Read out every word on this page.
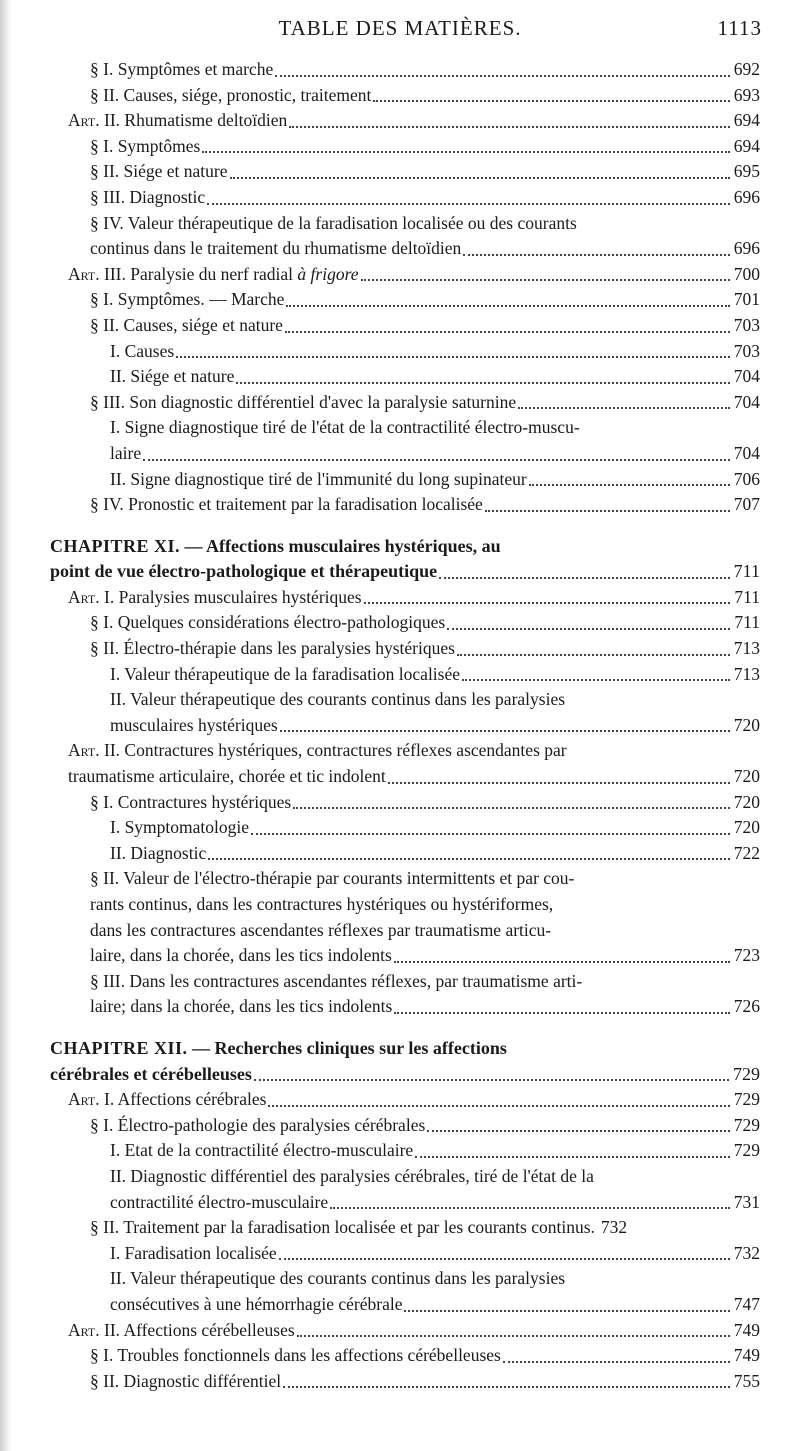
TABLE DES MATIÈRES.	1113
§ I. Symptômes et marche	692
§ II. Causes, siége, pronostic, traitement	693
Art. II. Rhumatisme deltoïdien	694
§ I. Symptômes	694
§ II. Siége et nature	695
§ III. Diagnostic	696
§ IV. Valeur thérapeutique de la faradisation localisée ou des courants
continus dans le traitement du rhumatisme deltoïdien	696
Art. III. Paralysie du nerf radial à frigore	700
§ I. Symptômes. — Marche	701
§ II. Causes, siége et nature	703
I. Causes	703
II. Siége et nature	704
§ III. Son diagnostic différentiel d'avec la paralysie saturnine	704
I. Signe diagnostique tiré de l'état de la contractilité électro-muscu-
laire	704
II. Signe diagnostique tiré de l'immunité du long supinateur	706
§ IV. Pronostic et traitement par la faradisation localisée	707
CHAPITRE XI. — Affections musculaires hystériques, au
point de vue électro-pathologique et thérapeutique	711
Art. I. Paralysies musculaires hystériques	711
§ I. Quelques considérations électro-pathologiques	711
§ II. Électro-thérapie dans les paralysies hystériques	713
I. Valeur thérapeutique de la faradisation localisée	713
II. Valeur thérapeutique des courants continus dans les paralysies
musculaires hystériques	720
Art. II. Contractures hystériques, contractures réflexes ascendantes par
traumatisme articulaire, chorée et tic indolent	720
§ I. Contractures hystériques	720
I. Symptomatologie	720
II. Diagnostic	722
§ II. Valeur de l'électro-thérapie par courants intermittents et par cou-
rants continus, dans les contractures hystériques ou hystériformes,
dans les contractures ascendantes réflexes par traumatisme articu-
laire, dans la chorée, dans les tics indolents	723
§ III. Dans les contractures ascendantes réflexes, par traumatisme arti-
laire; dans la chorée, dans les tics indolents	726
CHAPITRE XII. — Recherches cliniques sur les affections
cérébrales et cérébelleuses	729
Art. I. Affections cérébrales	729
§ I. Électro-pathologie des paralysies cérébrales	729
I. Etat de la contractilité électro-musculaire	729
II. Diagnostic différentiel des paralysies cérébrales, tiré de l'état de la
contractilité électro-musculaire	731
§ II. Traitement par la faradisation localisée et par les courants continus. 732
I. Faradisation localisée	732
II. Valeur thérapeutique des courants continus dans les paralysies
consécutives à une hémorrhagie cérébrale	747
Art. II. Affections cérébelleuses	749
§ I. Troubles fonctionnels dans les affections cérébelleuses	749
§ II. Diagnostic différentiel	755
